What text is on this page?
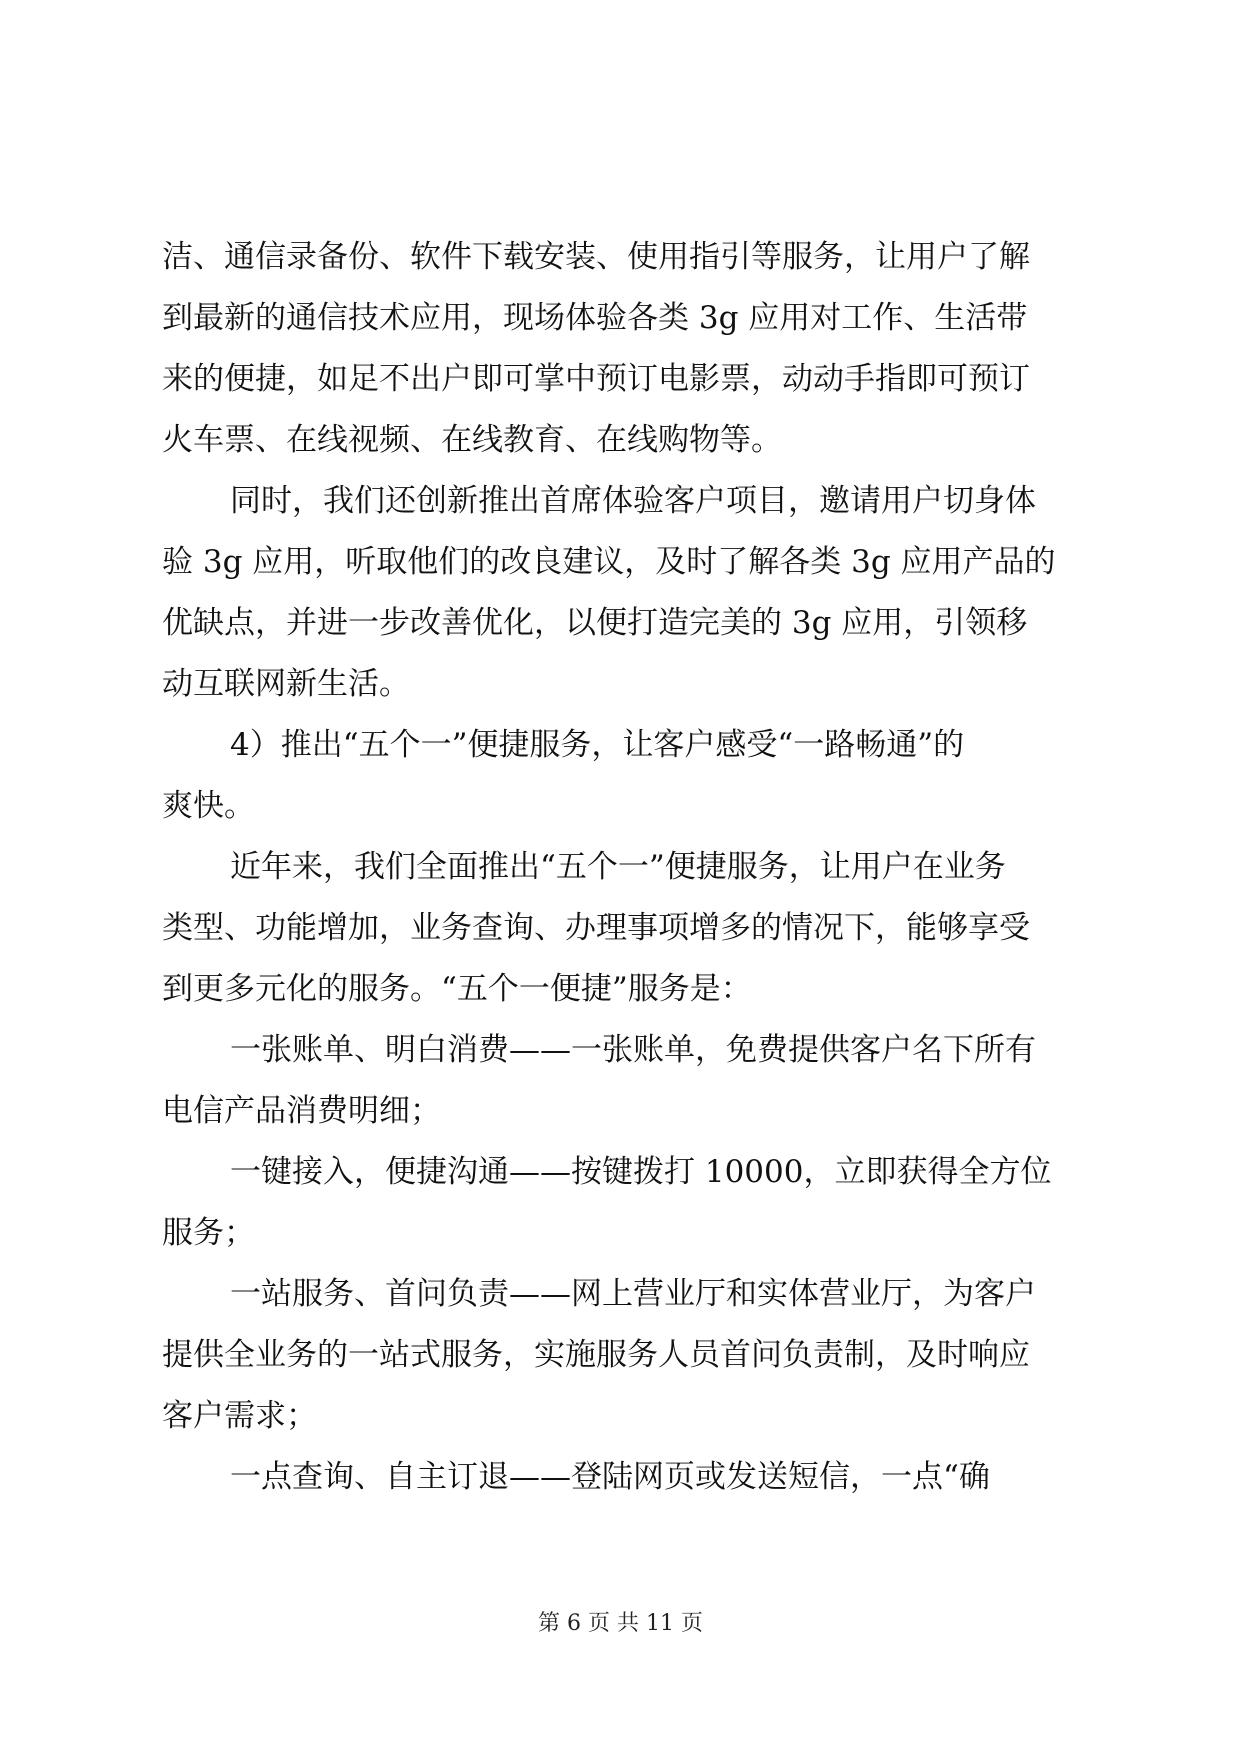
洁、通信录备份、软件下载安装、使用指引等服务，让用户了解
到最新的通信技术应用，现场体验各类 3g 应用对工作、生活带
来的便捷，如足不出户即可掌中预订电影票，动动手指即可预订
火车票、在线视频、在线教育、在线购物等。
同时，我们还创新推出首席体验客户项目，邀请用户切身体
验 3g 应用，听取他们的改良建议，及时了解各类 3g 应用产品的
优缺点，并进一步改善优化，以便打造完美的 3g 应用，引领移
动互联网新生活。
4）推出“五个一”便捷服务，让客户感受“一路畅通”的
爽快。
近年来，我们全面推出“五个一”便捷服务，让用户在业务
类型、功能增加，业务查询、办理事项增多的情况下，能够享受
到更多元化的服务。“五个一便捷”服务是：
一张账单、明白消费——一张账单，免费提供客户名下所有
电信产品消费明细；
一键接入，便捷沟通——按键拨打 10000，立即获得全方位
服务；
一站服务、首问负责——网上营业厅和实体营业厅，为客户
提供全业务的一站式服务，实施服务人员首问负责制，及时响应
客户需求；
一点查询、自主订退——登陆网页或发送短信，一点“确
第 6 页 共 11 页
